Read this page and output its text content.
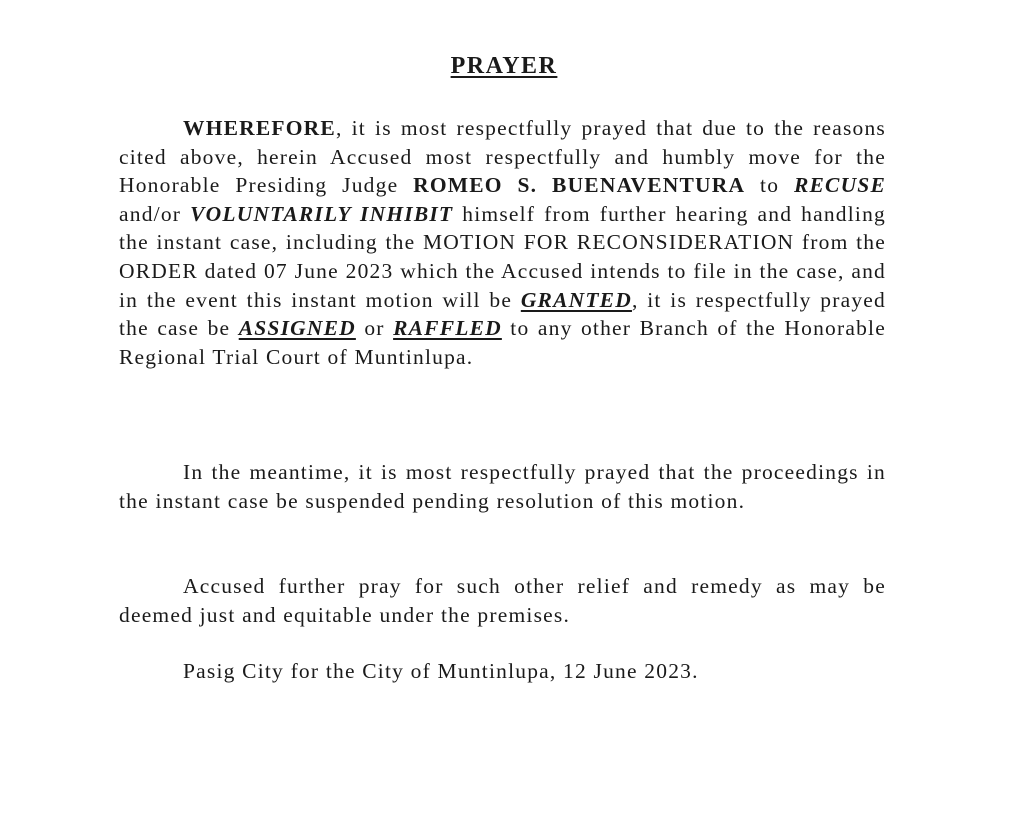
PRAYER

WHEREFORE, it is most respectfully prayed that due to the reasons cited above, herein Accused most respectfully and humbly move for the Honorable Presiding Judge ROMEO S. BUENAVENTURA to RECUSE and/or VOLUNTARILY INHIBIT himself from further hearing and handling the instant case, including the MOTION FOR RECONSIDERATION from the ORDER dated 07 June 2023 which the Accused intends to file in the case, and in the event this instant motion will be GRANTED, it is respectfully prayed the case be ASSIGNED or RAFFLED to any other Branch of the Honorable Regional Trial Court of Muntinlupa.

In the meantime, it is most respectfully prayed that the proceedings in the instant case be suspended pending resolution of this motion.

Accused further pray for such other relief and remedy as may be deemed just and equitable under the premises.

Pasig City for the City of Muntinlupa, 12 June 2023.
